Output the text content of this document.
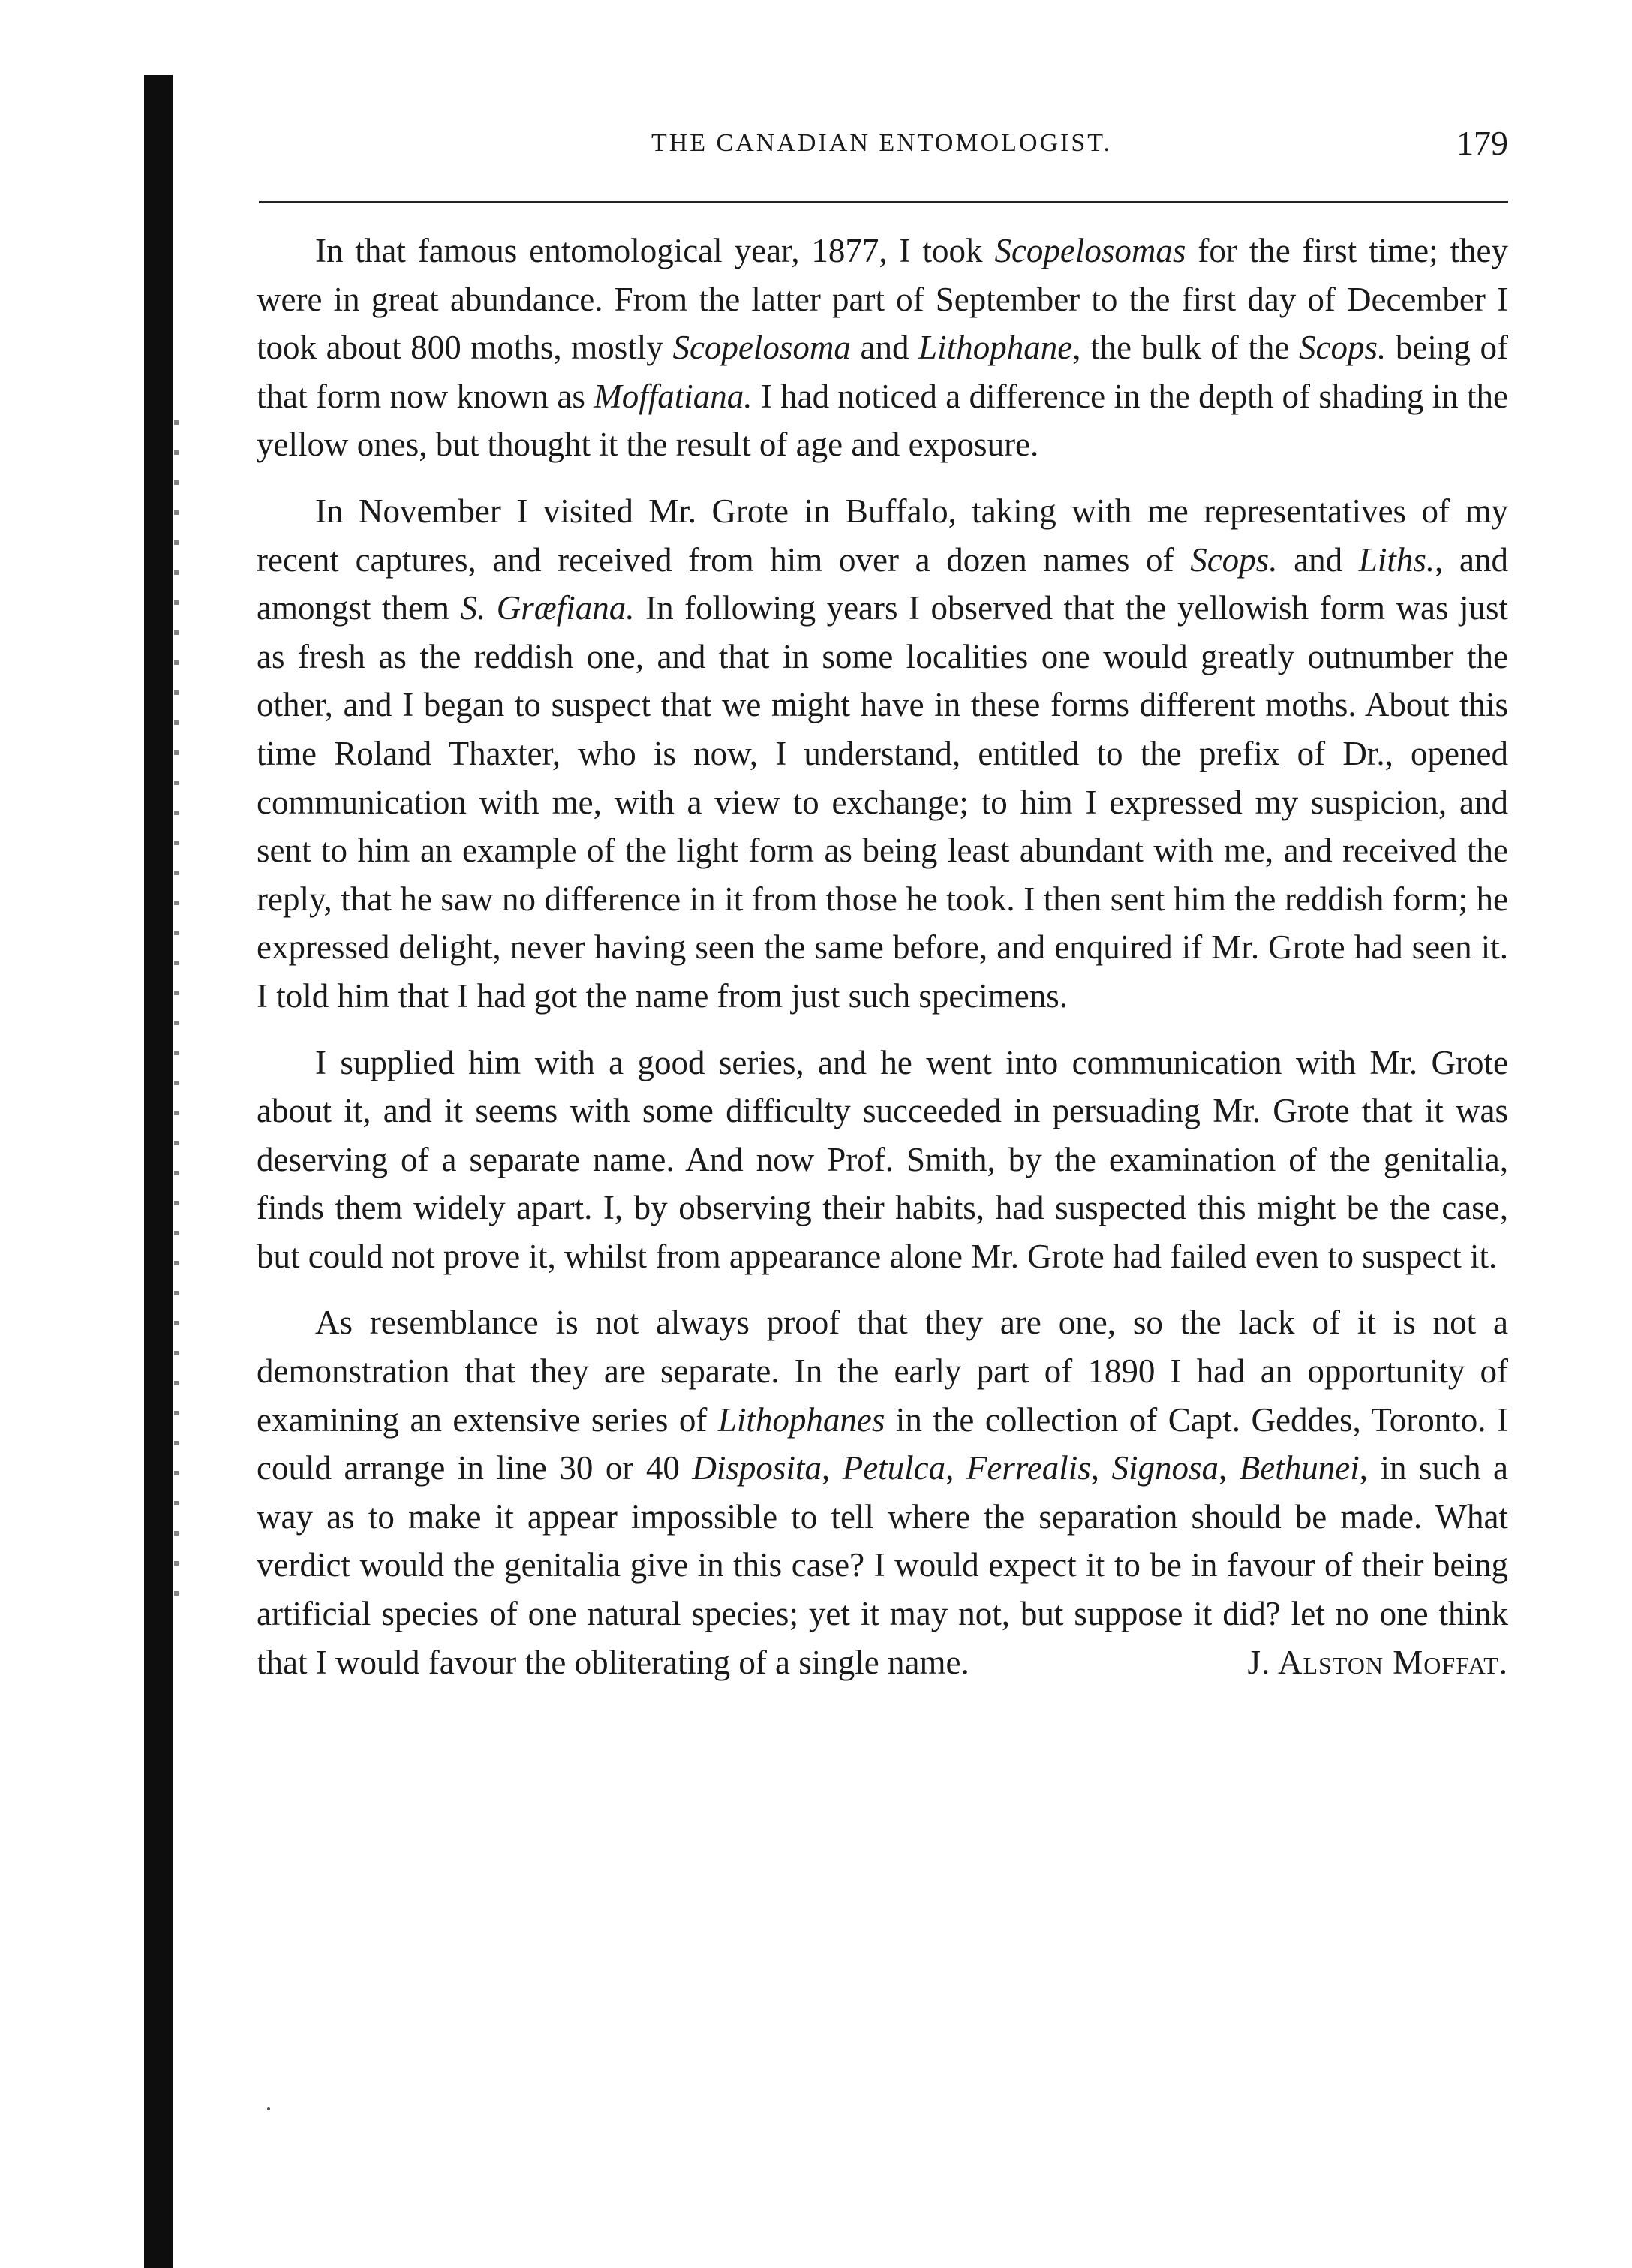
THE CANADIAN ENTOMOLOGIST.	179

In that famous entomological year, 1877, I took Scopelosomas for the first time; they were in great abundance. From the latter part of September to the first day of December I took about 800 moths, mostly Scopelosoma and Lithophane, the bulk of the Scops. being of that form now known as Moffatiana. I had noticed a difference in the depth of shading in the yellow ones, but thought it the result of age and exposure.

In November I visited Mr. Grote in Buffalo, taking with me representatives of my recent captures, and received from him over a dozen names of Scops. and Liths., and amongst them S. Græfiana. In following years I observed that the yellowish form was just as fresh as the reddish one, and that in some localities one would greatly outnumber the other, and I began to suspect that we might have in these forms different moths. About this time Roland Thaxter, who is now, I understand, entitled to the prefix of Dr., opened communication with me, with a view to exchange; to him I expressed my suspicion, and sent to him an example of the light form as being least abundant with me, and received the reply, that he saw no difference in it from those he took. I then sent him the reddish form; he expressed delight, never having seen the same before, and enquired if Mr. Grote had seen it. I told him that I had got the name from just such specimens.

I supplied him with a good series, and he went into communication with Mr. Grote about it, and it seems with some difficulty succeeded in persuading Mr. Grote that it was deserving of a separate name. And now Prof. Smith, by the examination of the genitalia, finds them widely apart. I, by observing their habits, had suspected this might be the case, but could not prove it, whilst from appearance alone Mr. Grote had failed even to suspect it.

As resemblance is not always proof that they are one, so the lack of it is not a demonstration that they are separate. In the early part of 1890 I had an opportunity of examining an extensive series of Lithophanes in the collection of Capt. Geddes, Toronto. I could arrange in line 30 or 40 Disposita, Petulca, Ferrealis, Signosa, Bethunei, in such a way as to make it appear impossible to tell where the separation should be made. What verdict would the genitalia give in this case? I would expect it to be in favour of their being artificial species of one natural species; yet it may not, but suppose it did? let no one think that I would favour the obliterating of a single name.	J. Alston Moffat.
